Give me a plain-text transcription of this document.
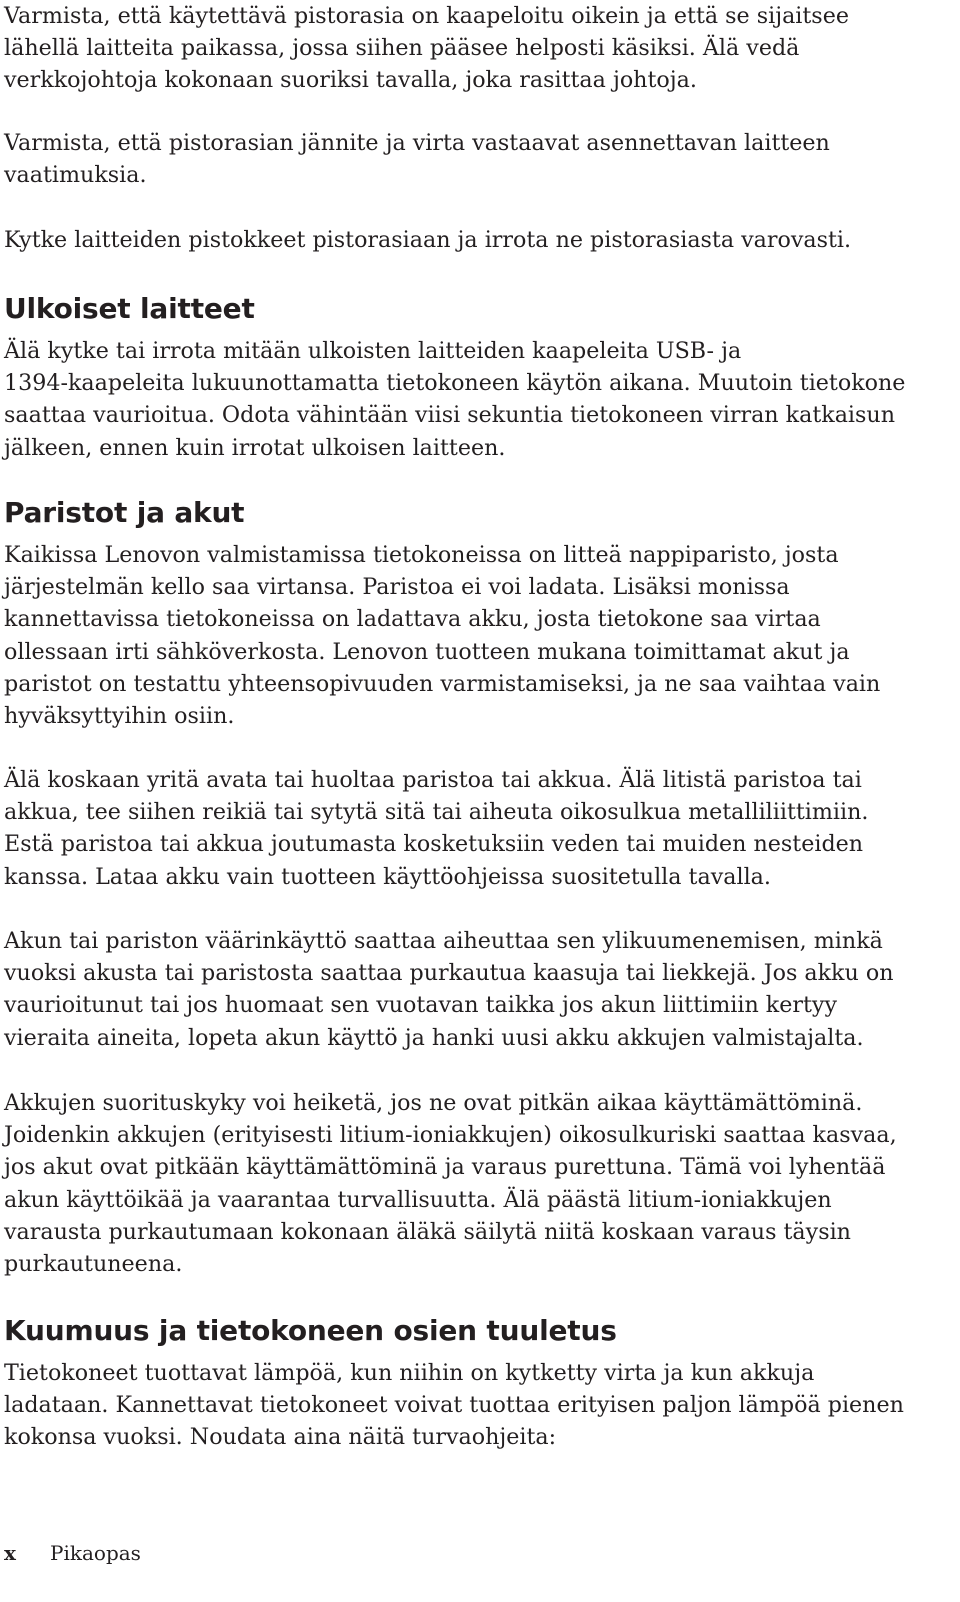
Varmista, että käytettävä pistorasia on kaapeloitu oikein ja että se sijaitsee
lähellä laitteita paikassa, jossa siihen pääsee helposti käsiksi. Älä vedä
verkkojohtoja kokonaan suoriksi tavalla, joka rasittaa johtoja.

Varmista, että pistorasian jännite ja virta vastaavat asennettavan laitteen
vaatimuksia.

Kytke laitteiden pistokkeet pistorasiaan ja irrota ne pistorasiasta varovasti.

Ulkoiset laitteet

Älä kytke tai irrota mitään ulkoisten laitteiden kaapeleita USB- ja
1394-kaapeleita lukuunottamatta tietokoneen käytön aikana. Muutoin tietokone
saattaa vaurioitua. Odota vähintään viisi sekuntia tietokoneen virran katkaisun
jälkeen, ennen kuin irrotat ulkoisen laitteen.

Paristot ja akut

Kaikissa Lenovon valmistamissa tietokoneissa on litteä nappiparisto, josta
järjestelmän kello saa virtansa. Paristoa ei voi ladata. Lisäksi monissa
kannettavissa tietokoneissa on ladattava akku, josta tietokone saa virtaa
ollessaan irti sähköverkosta. Lenovon tuotteen mukana toimittamat akut ja
paristot on testattu yhteensopivuuden varmistamiseksi, ja ne saa vaihtaa vain
hyväksyttyihin osiin.

Älä koskaan yritä avata tai huoltaa paristoa tai akkua. Älä litistä paristoa tai
akkua, tee siihen reikiä tai sytytä sitä tai aiheuta oikosulkua metalliliittimiin.
Estä paristoa tai akkua joutumasta kosketuksiin veden tai muiden nesteiden
kanssa. Lataa akku vain tuotteen käyttöohjeissa suositetulla tavalla.

Akun tai pariston väärinkäyttö saattaa aiheuttaa sen ylikuumenemisen, minkä
vuoksi akusta tai paristosta saattaa purkautua kaasuja tai liekkejä. Jos akku on
vaurioitunut tai jos huomaat sen vuotavan taikka jos akun liittimiin kertyy
vieraita aineita, lopeta akun käyttö ja hanki uusi akku akkujen valmistajalta.

Akkujen suorituskyky voi heiketä, jos ne ovat pitkän aikaa käyttämättöminä.
Joidenkin akkujen (erityisesti litium-ioniakkujen) oikosulkuriski saattaa kasvaa,
jos akut ovat pitkään käyttämättöminä ja varaus purettuna. Tämä voi lyhentää
akun käyttöikää ja vaarantaa turvallisuutta. Älä päästä litium-ioniakkujen
varausta purkautumaan kokonaan äläkä säilytä niitä koskaan varaus täysin
purkautuneena.

Kuumuus ja tietokoneen osien tuuletus

Tietokoneet tuottavat lämpöä, kun niihin on kytketty virta ja kun akkuja
ladataan. Kannettavat tietokoneet voivat tuottaa erityisen paljon lämpöä pienen
kokonsa vuoksi. Noudata aina näitä turvaohjeita:

x Pikaopas
